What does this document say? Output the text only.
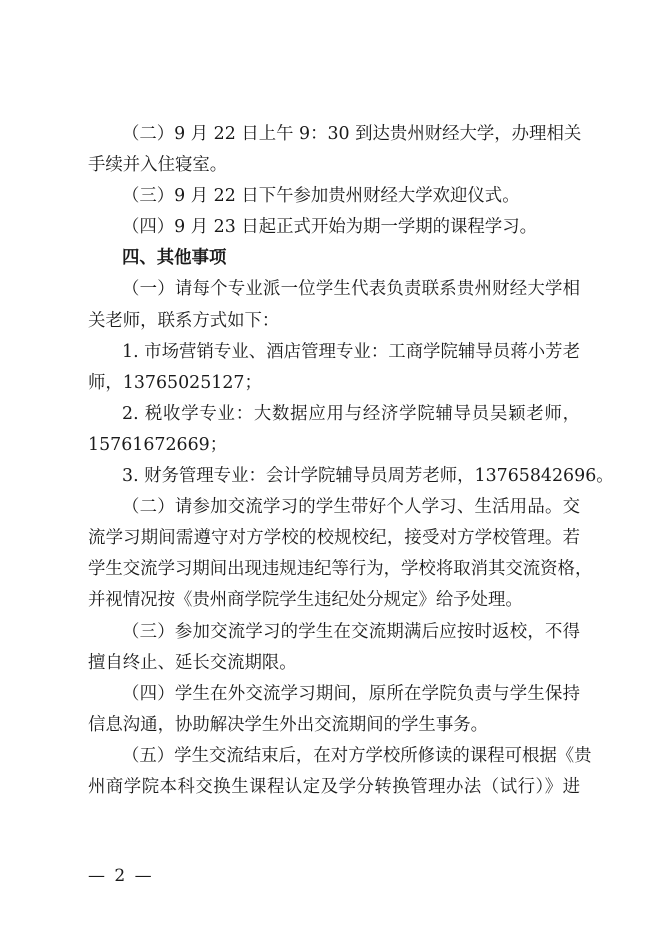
（二）9 月 22 日上午 9：30 到达贵州财经大学，办理相关
手续并入住寝室。
（三）9 月 22 日下午参加贵州财经大学欢迎仪式。
（四）9 月 23 日起正式开始为期一学期的课程学习。
四、其他事项
（一）请每个专业派一位学生代表负责联系贵州财经大学相
关老师，联系方式如下：
1. 市场营销专业、酒店管理专业：工商学院辅导员蒋小芳老
师，13765025127；
2. 税收学专业：大数据应用与经济学院辅导员吴颖老师，
15761672669；
3. 财务管理专业：会计学院辅导员周芳老师，13765842696。
（二）请参加交流学习的学生带好个人学习、生活用品。交
流学习期间需遵守对方学校的校规校纪，接受对方学校管理。若
学生交流学习期间出现违规违纪等行为，学校将取消其交流资格，
并视情况按《贵州商学院学生违纪处分规定》给予处理。
（三）参加交流学习的学生在交流期满后应按时返校，不得
擅自终止、延长交流期限。
（四）学生在外交流学习期间，原所在学院负责与学生保持
信息沟通，协助解决学生外出交流期间的学生事务。
（五）学生交流结束后，在对方学校所修读的课程可根据《贵
州商学院本科交换生课程认定及学分转换管理办法（试行）》进
— 2 —
